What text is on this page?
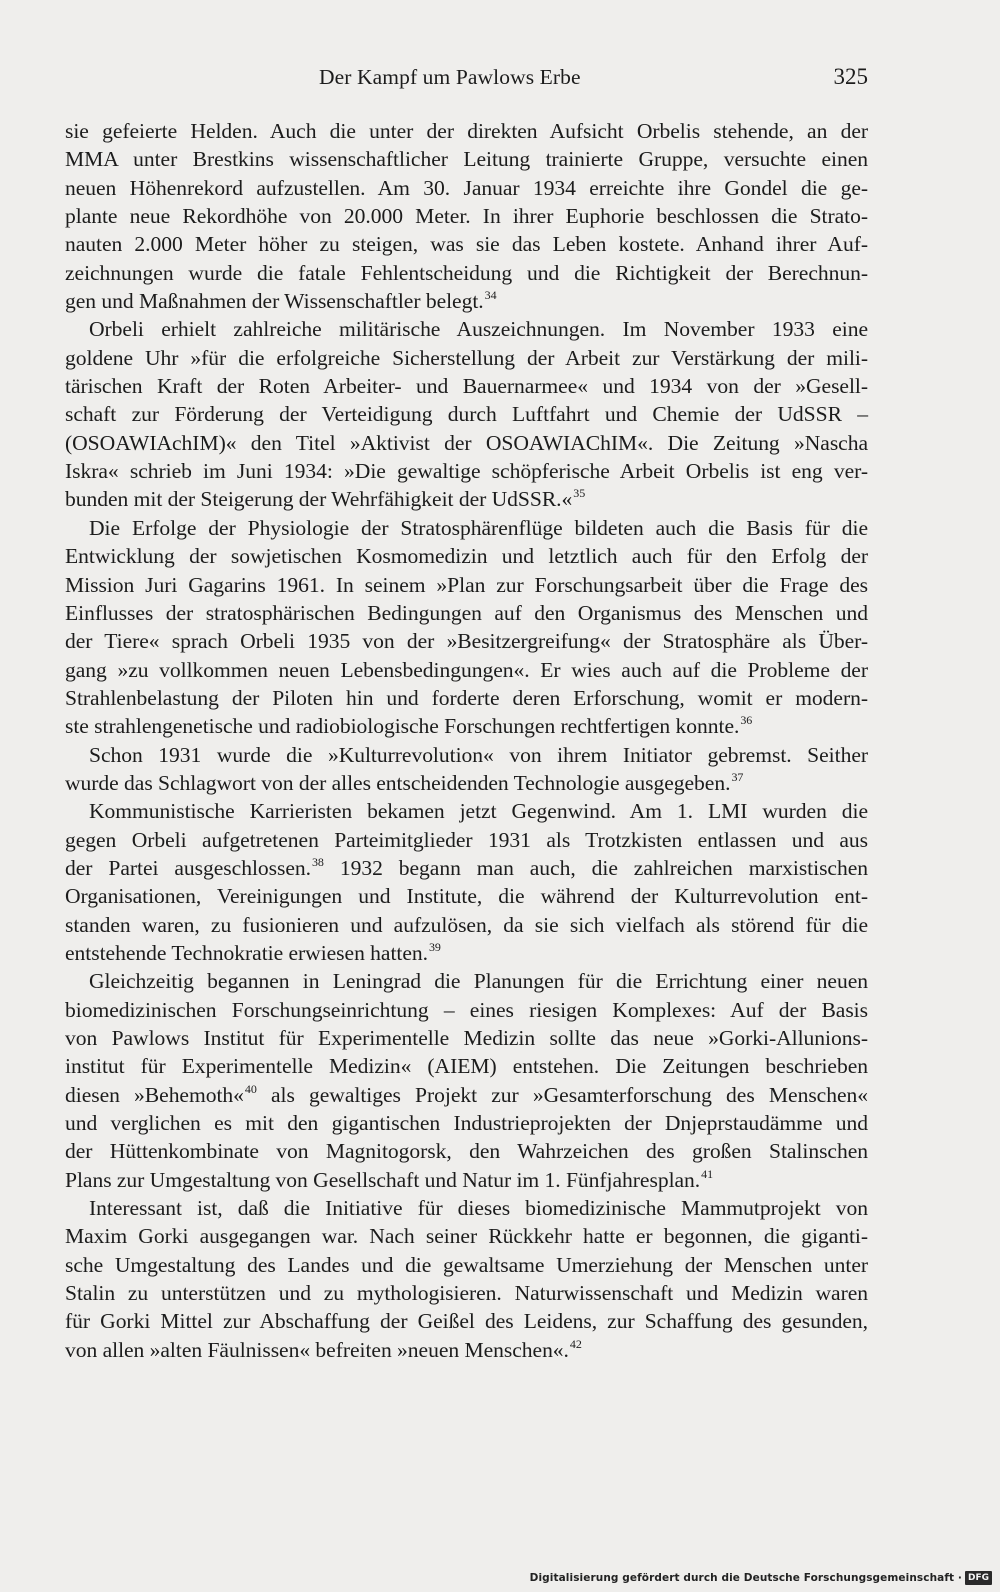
Der Kampf um Pawlows Erbe	325
sie gefeierte Helden. Auch die unter der direkten Aufsicht Orbelis stehende, an der
MMA unter Brestkins wissenschaftlicher Leitung trainierte Gruppe, versuchte einen
neuen Höhenrekord aufzustellen. Am 30. Januar 1934 erreichte ihre Gondel die ge-
plante neue Rekordhöhe von 20.000 Meter. In ihrer Euphorie beschlossen die Strato-
nauten 2.000 Meter höher zu steigen, was sie das Leben kostete. Anhand ihrer Auf-
zeichnungen wurde die fatale Fehlentscheidung und die Richtigkeit der Berechnun-
gen und Maßnahmen der Wissenschaftler belegt.$^{34}$
Orbeli erhielt zahlreiche militärische Auszeichnungen. Im November 1933 eine
goldene Uhr »für die erfolgreiche Sicherstellung der Arbeit zur Verstärkung der mili-
tärischen Kraft der Roten Arbeiter- und Bauernarmee« und 1934 von der »Gesell-
schaft zur Förderung der Verteidigung durch Luftfahrt und Chemie der UdSSR –
(OSOAWIAchIM)« den Titel »Aktivist der OSOAWIAChIM«. Die Zeitung »Nascha
Iskra« schrieb im Juni 1934: »Die gewaltige schöpferische Arbeit Orbelis ist eng ver-
bunden mit der Steigerung der Wehrfähigkeit der UdSSR.«$^{35}$
Die Erfolge der Physiologie der Stratosphärenflüge bildeten auch die Basis für die
Entwicklung der sowjetischen Kosmomedizin und letztlich auch für den Erfolg der
Mission Juri Gagarins 1961. In seinem »Plan zur Forschungsarbeit über die Frage des
Einflusses der stratosphärischen Bedingungen auf den Organismus des Menschen und
der Tiere« sprach Orbeli 1935 von der »Besitzergreifung« der Stratosphäre als Über-
gang »zu vollkommen neuen Lebensbedingungen«. Er wies auch auf die Probleme der
Strahlenbelastung der Piloten hin und forderte deren Erforschung, womit er modern-
ste strahlengenetische und radiobiologische Forschungen rechtfertigen konnte.$^{36}$
Schon 1931 wurde die »Kulturrevolution« von ihrem Initiator gebremst. Seither
wurde das Schlagwort von der alles entscheidenden Technologie ausgegeben.$^{37}$
Kommunistische Karrieristen bekamen jetzt Gegenwind. Am 1. LMI wurden die
gegen Orbeli aufgetretenen Parteimitglieder 1931 als Trotzkisten entlassen und aus
der Partei ausgeschlossen.$^{38}$ 1932 begann man auch, die zahlreichen marxistischen
Organisationen, Vereinigungen und Institute, die während der Kulturrevolution ent-
standen waren, zu fusionieren und aufzulösen, da sie sich vielfach als störend für die
entstehende Technokratie erwiesen hatten.$^{39}$
Gleichzeitig begannen in Leningrad die Planungen für die Errichtung einer neuen
biomedizinischen Forschungseinrichtung – eines riesigen Komplexes: Auf der Basis
von Pawlows Institut für Experimentelle Medizin sollte das neue »Gorki-Allunions-
institut für Experimentelle Medizin« (AIEM) entstehen. Die Zeitungen beschrieben
diesen »Behemoth«$^{40}$ als gewaltiges Projekt zur »Gesamterforschung des Menschen«
und verglichen es mit den gigantischen Industrieprojekten der Dnjeprstaudämme und
der Hüttenkombinate von Magnitogorsk, den Wahrzeichen des großen Stalinschen
Plans zur Umgestaltung von Gesellschaft und Natur im 1. Fünfjahresplan.$^{41}$
Interessant ist, daß die Initiative für dieses biomedizinische Mammutprojekt von
Maxim Gorki ausgegangen war. Nach seiner Rückkehr hatte er begonnen, die giganti-
sche Umgestaltung des Landes und die gewaltsame Umerziehung der Menschen unter
Stalin zu unterstützen und zu mythologisieren. Naturwissenschaft und Medizin waren
für Gorki Mittel zur Abschaffung der Geißel des Leidens, zur Schaffung des gesunden,
von allen »alten Fäulnissen« befreiten »neuen Menschen«.$^{42}$
Digitalisierung gefördert durch die Deutsche Forschungsgemeinschaft · DFG
